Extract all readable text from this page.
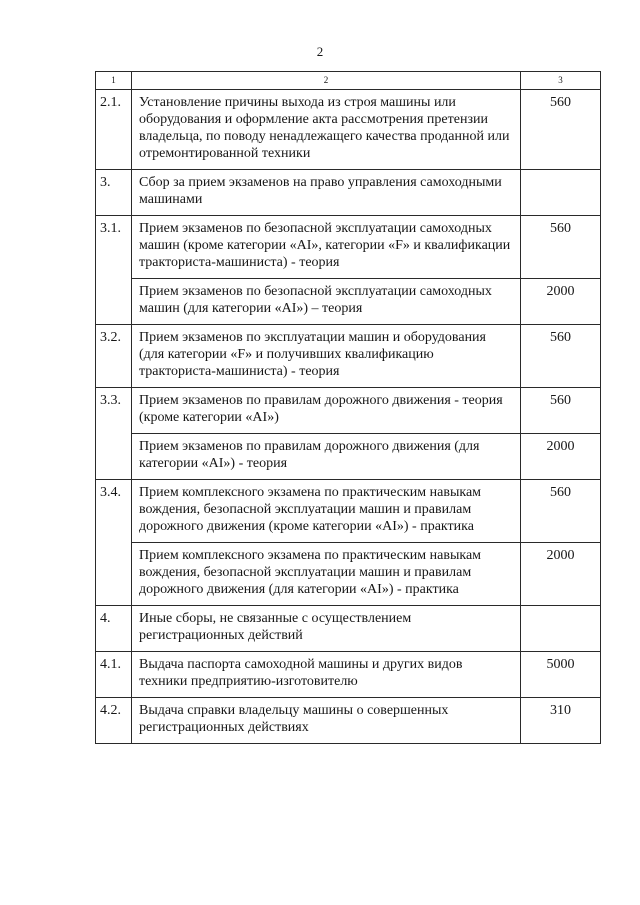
2
1	2	3
2.1.	Установление причины выхода из строя машины или оборудования и оформление акта рассмотрения претензии владельца, по поводу ненадлежащего качества проданной или отремонтированной техники	560
3.	Сбор за прием экзаменов на право управления самоходными машинами	
3.1.	Прием экзаменов по безопасной эксплуатации самоходных машин (кроме категории «AI», категории «F» и квалификации тракториста-машиниста) - теория	560
	Прием экзаменов по безопасной эксплуатации самоходных машин (для категории «AI») – теория	2000
3.2.	Прием экзаменов по эксплуатации машин и оборудования (для категории «F» и получивших квалификацию тракториста-машиниста) - теория	560
3.3.	Прием экзаменов по правилам дорожного движения - теория (кроме категории «AI»)	560
	Прием экзаменов по правилам дорожного движения (для категории «AI») - теория	2000
3.4.	Прием комплексного экзамена по практическим навыкам вождения, безопасной эксплуатации машин и правилам дорожного движения (кроме категории «AI») - практика	560
	Прием комплексного экзамена по практическим навыкам вождения, безопасной эксплуатации машин и правилам дорожного движения (для категории «AI») - практика	2000
4.	Иные сборы, не связанные с осуществлением регистрационных действий	
4.1.	Выдача паспорта самоходной машины и других видов техники предприятию-изготовителю	5000
4.2.	Выдача справки владельцу машины о совершенных регистрационных действиях	310
